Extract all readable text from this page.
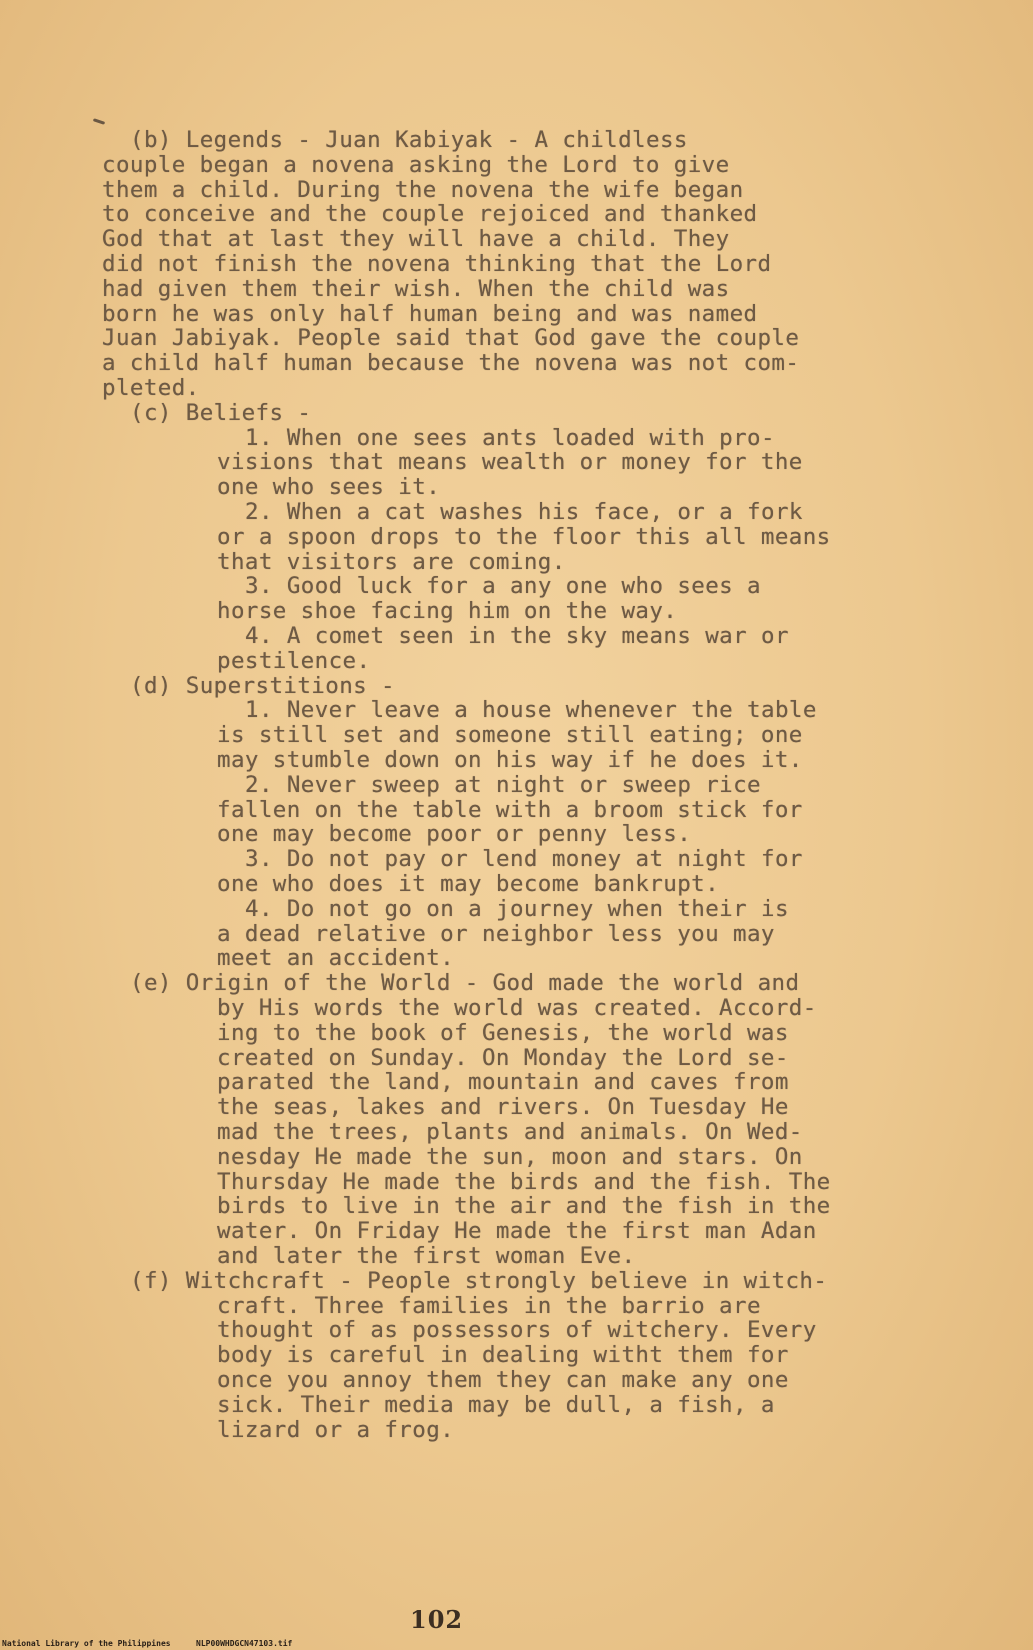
(b) Legends - Juan Kabiyak - A childless
couple began a novena asking the Lord to give
them a child. During the novena the wife began
to conceive and the couple rejoiced and thanked
God that at last they will have a child. They
did not finish the novena thinking that the Lord
had given them their wish. When the child was
born he was only half human being and was named
Juan Jabiyak. People said that God gave the couple
a child half human because the novena was not com-
pleted.
(c) Beliefs -
1. When one sees ants loaded with pro-
visions that means wealth or money for the
one who sees it.
2. When a cat washes his face, or a fork
or a spoon drops to the floor this all means
that visitors are coming.
3. Good luck for a any one who sees a
horse shoe facing him on the way.
4. A comet seen in the sky means war or
pestilence.
(d) Superstitions -
1. Never leave a house whenever the table
is still set and someone still eating; one
may stumble down on his way if he does it.
2. Never sweep at night or sweep rice
fallen on the table with a broom stick for
one may become poor or penny less.
3. Do not pay or lend money at night for
one who does it may become bankrupt.
4. Do not go on a journey when their is
a dead relative or neighbor less you may
meet an accident.
(e) Origin of the World - God made the world and
by His words the world was created. Accord-
ing to the book of Genesis, the world was
created on Sunday. On Monday the Lord se-
parated the land, mountain and caves from
the seas, lakes and rivers. On Tuesday He
mad the trees, plants and animals. On Wed-
nesday He made the sun, moon and stars. On
Thursday He made the birds and the fish. The
birds to live in the air and the fish in the
water. On Friday He made the first man Adan
and later the first woman Eve.
(f) Witchcraft - People strongly believe in witch-
craft. Three families in the barrio are
thought of as possessors of witchery. Every
body is careful in dealing witht them for
once you annoy them they can make any one
sick. Their media may be dull, a fish, a
lizard or a frog.
102
National Library of the Philippines	NLP00WHDGCN47103.tif
